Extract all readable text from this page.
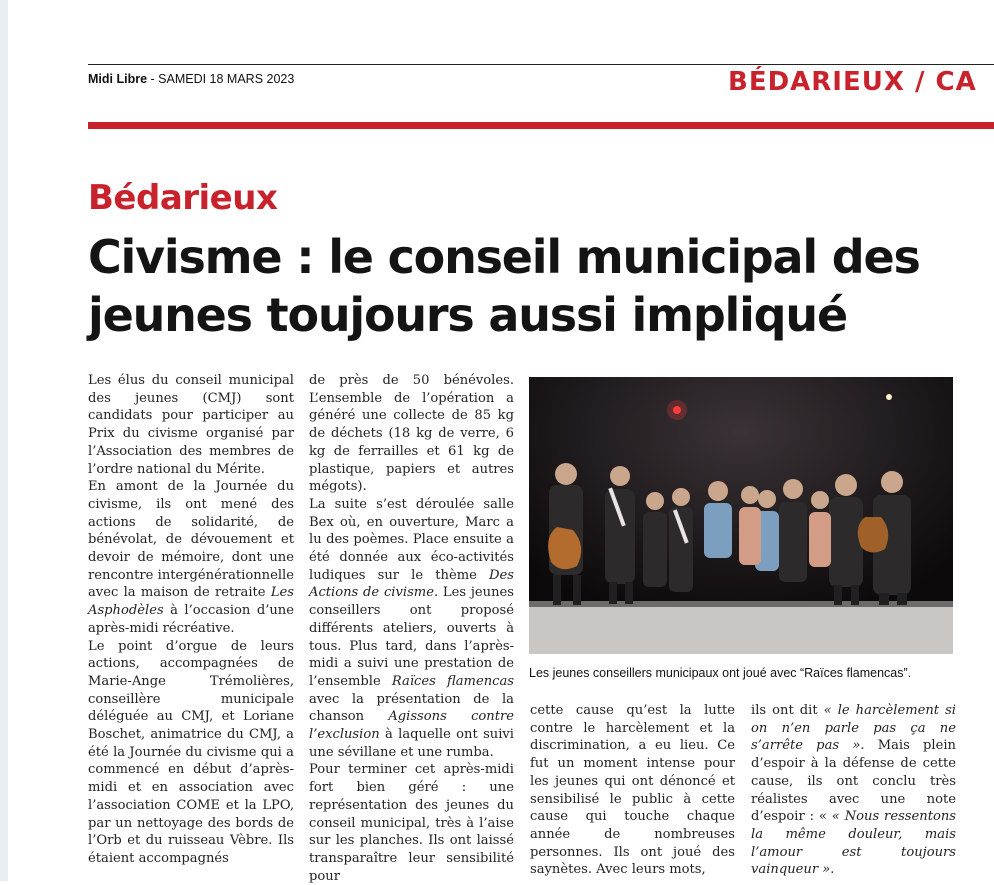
Midi Libre - SAMEDI 18 MARS 2023	BÉDARIEUX / CA
Bédarieux
Civisme : le conseil municipal des jeunes toujours aussi impliqué

Les élus du conseil municipal des jeunes (CMJ) sont candidats pour participer au Prix du civisme organisé par l’Association des membres de l’ordre national du Mérite.

En amont de la Journée du civisme, ils ont mené des actions de solidarité, de bénévolat, de dévouement et devoir de mémoire, dont une rencontre intergénérationnelle avec la maison de retraite Les Asphodèles à l’occasion d’une après-midi récréative.

Le point d’orgue de leurs actions, accompagnées de Marie-Ange Trémolières, conseillère municipale déléguée au CMJ, et Loriane Boschet, animatrice du CMJ, a été la Journée du civisme qui a commencé en début d’après-midi et en association avec l’association COME et la LPO, par un nettoyage des bords de l’Orb et du ruisseau Vèbre. Ils étaient accompagnés

de près de 50 bénévoles. L’ensemble de l’opération a généré une collecte de 85 kg de déchets (18 kg de verre, 6 kg de ferrailles et 61 kg de plastique, papiers et autres mégots).

La suite s’est déroulée salle Bex où, en ouverture, Marc a lu des poèmes. Place ensuite a été donnée aux éco-activités ludiques sur le thème Des Actions de civisme. Les jeunes conseillers ont proposé différents ateliers, ouverts à tous. Plus tard, dans l’après-midi a suivi une prestation de l’ensemble Raïces flamencas avec la présentation de la chanson Agissons contre l’exclusion à laquelle ont suivi une sévillane et une rumba.

Pour terminer cet après-midi fort bien géré : une représentation des jeunes du conseil municipal, très à l’aise sur les planches. Ils ont laissé transparaître leur sensibilité pour

Les jeunes conseillers municipaux ont joué avec “Raïces flamencas”.

cette cause qu’est la lutte contre le harcèlement et la discrimination, a eu lieu. Ce fut un moment intense pour les jeunes qui ont dénoncé et sensibilisé le public à cette cause qui touche chaque année de nombreuses personnes. Ils ont joué des saynètes. Avec leurs mots,

ils ont dit « le harcèlement si on n’en parle pas ça ne s’arrête pas ». Mais plein d’espoir à la défense de cette cause, ils ont conclu très réalistes avec une note d’espoir : « « Nous ressentons la même douleur, mais l’amour est toujours vainqueur ».
